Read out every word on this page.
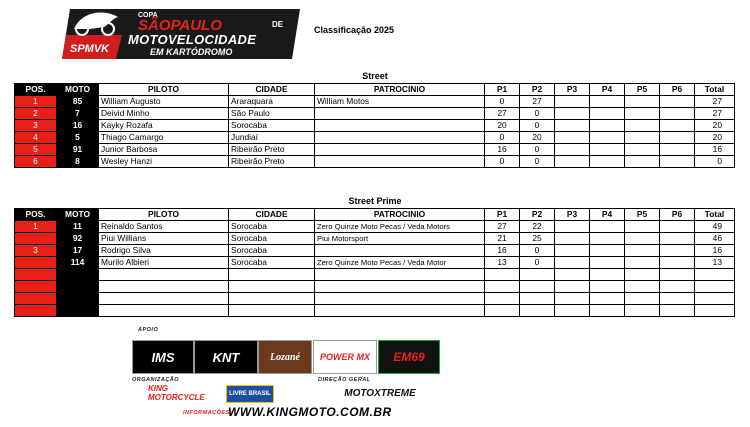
COPA
SÃOPAULO	DE
MOTOVELOCIDADE
EM KARTÓDROMO
SPMVK
Classificação 2025
Street
POS.	MOTO	PILOTO	CIDADE	PATROCINIO	P1	P2	P3	P4	P5	P6	Total
1	85	William Augusto	Araraquara	William Motos	0	27					27
2	7	Deivid Minho	São Paulo		27	0					27
3	16	Kayky Rozafa	Sorocaba		20	0					20
4	5	Thiago Camargo	Jundiaí		0	20					20
5	91	Junior Barbosa	Ribeirão Preto		16	0					16
6	8	Wesley Hanzi	Ribeirão Preto		0	0					0
Street Prime
POS.	MOTO	PILOTO	CIDADE	PATROCINIO	P1	P2	P3	P4	P5	P6	Total
1	11	Reinaldo Santos	Sorocaba	Zero Quinze Moto Pecas / Veda Motors	27	22					49
	92	Piui Willians	Sorocaba	Piui Motorsport	21	25					46
3	17	Rodrigo Silva	Sorocaba		16	0					16
	114	Murilo Albieri	Sorocaba	Zero Quinze Moto Pecas / Veda Motor	13	0					13

APOIO
IMS	KNT	Lozané POWER MX EM69
ORGANIZAÇÃO	DIREÇÃO GERAL
KING MOTORCYCLE	LIVRE BRASIL	MOTOXTREME
INFORMAÇÕES:
WWW.KINGMOTO.COM.BR
